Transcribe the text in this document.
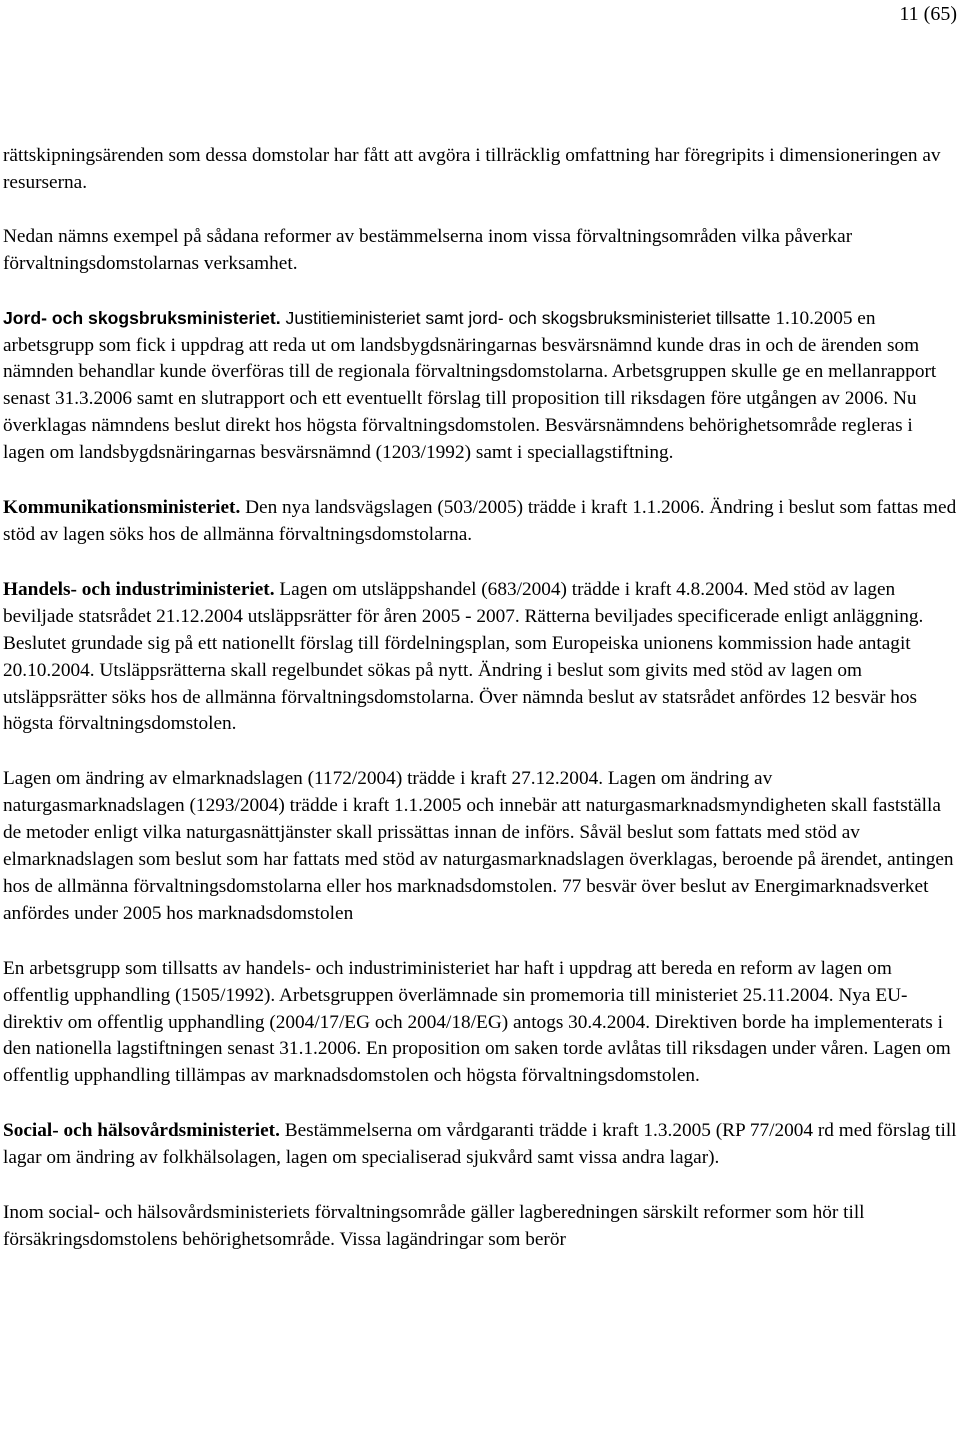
11 (65)

rättskipningsärenden som dessa domstolar har fått att avgöra i tillräcklig omfattning har föregripits i dimensioneringen av resurserna.

Nedan nämns exempel på sådana reformer av bestämmelserna inom vissa förvaltningsområden vilka påverkar förvaltningsdomstolarnas verksamhet.

Jord- och skogsbruksministeriet. Justitieministeriet samt jord- och skogsbruksministeriet tillsatte 1.10.2005 en arbetsgrupp som fick i uppdrag att reda ut om landsbygdsnäringarnas besvärsnämnd kunde dras in och de ärenden som nämnden behandlar kunde överföras till de regionala förvaltningsdomstolarna. Arbetsgruppen skulle ge en mellanrapport senast 31.3.2006 samt en slutrapport och ett eventuellt förslag till proposition till riksdagen före utgången av 2006. Nu överklagas nämndens beslut direkt hos högsta förvaltningsdomstolen. Besvärsnämndens behörighetsområde regleras i lagen om landsbygdsnäringarnas besvärsnämnd (1203/1992) samt i speciallagstiftning.

Kommunikationsministeriet. Den nya landsvägslagen (503/2005) trädde i kraft 1.1.2006. Ändring i beslut som fattas med stöd av lagen söks hos de allmänna förvaltningsdomstolarna.

Handels- och industriministeriet. Lagen om utsläppshandel (683/2004) trädde i kraft 4.8.2004. Med stöd av lagen beviljade statsrådet 21.12.2004 utsläppsrätter för åren 2005 - 2007. Rätterna beviljades specificerade enligt anläggning. Beslutet grundade sig på ett nationellt förslag till fördelningsplan, som Europeiska unionens kommission hade antagit 20.10.2004. Utsläppsrätterna skall regelbundet sökas på nytt. Ändring i beslut som givits med stöd av lagen om utsläppsrätter söks hos de allmänna förvaltningsdomstolarna. Över nämnda beslut av statsrådet anfördes 12 besvär hos högsta förvaltningsdomstolen.

Lagen om ändring av elmarknadslagen (1172/2004) trädde i kraft 27.12.2004. Lagen om ändring av naturgasmarknadslagen (1293/2004) trädde i kraft 1.1.2005 och innebär att naturgasmarknadsmyndigheten skall fastställa de metoder enligt vilka naturgasnättjänster skall prissättas innan de införs. Såväl beslut som fattats med stöd av elmarknadslagen som beslut som har fattats med stöd av naturgasmarknadslagen överklagas, beroende på ärendet, antingen hos de allmänna förvaltningsdomstolarna eller hos marknadsdomstolen. 77 besvär över beslut av Energimarknadsverket anfördes under 2005 hos marknadsdomstolen

En arbetsgrupp som tillsatts av handels- och industriministeriet har haft i uppdrag att bereda en reform av lagen om offentlig upphandling (1505/1992). Arbetsgruppen överlämnade sin promemoria till ministeriet 25.11.2004. Nya EU-direktiv om offentlig upphandling (2004/17/EG och 2004/18/EG) antogs 30.4.2004. Direktiven borde ha implementerats i den nationella lagstiftningen senast 31.1.2006. En proposition om saken torde avlåtas till riksdagen under våren. Lagen om offentlig upphandling tillämpas av marknadsdomstolen och högsta förvaltningsdomstolen.

Social- och hälsovårdsministeriet. Bestämmelserna om vårdgaranti trädde i kraft 1.3.2005 (RP 77/2004 rd med förslag till lagar om ändring av folkhälsolagen, lagen om specialiserad sjukvård samt vissa andra lagar).

Inom social- och hälsovårdsministeriets förvaltningsområde gäller lagberedningen särskilt reformer som hör till försäkringsdomstolens behörighetsområde. Vissa lagändringar som berör
